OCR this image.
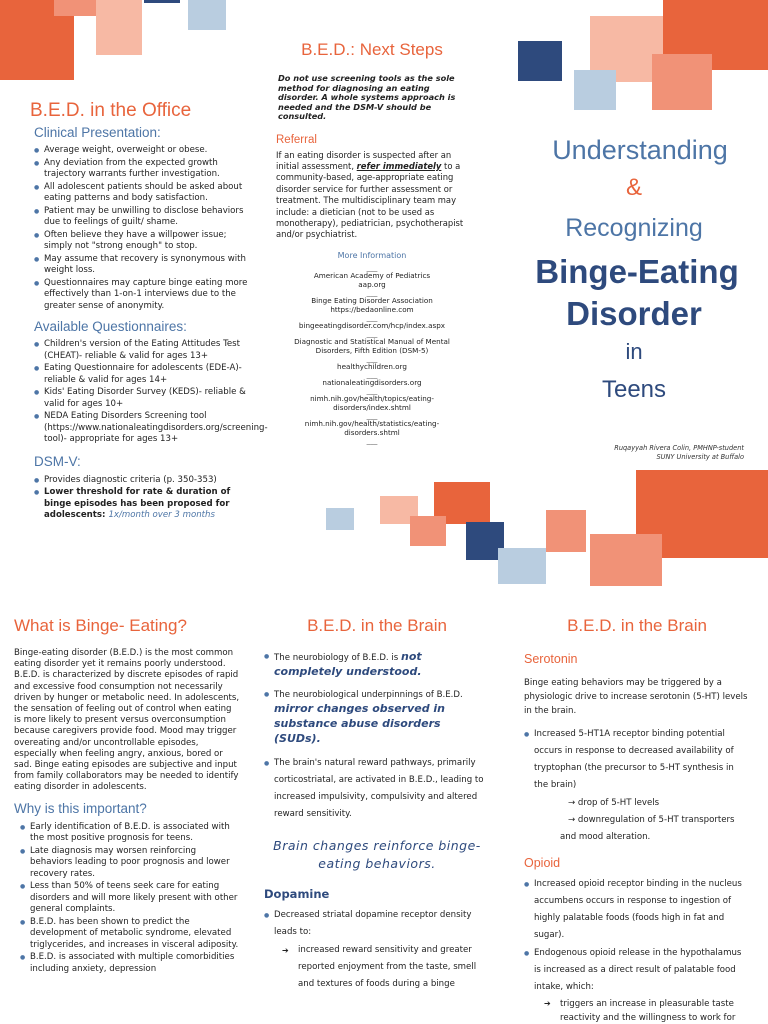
B.E.D. in the Office
Clinical Presentation:
● Average weight, overweight or obese.
● Any deviation from the expected growth trajectory warrants further investigation.
● All adolescent patients should be asked about eating patterns and body satisfaction.
● Patient may be unwilling to disclose behaviors due to feelings of guilt/ shame.
● Often believe they have a willpower issue; simply not "strong enough" to stop.
● May assume that recovery is synonymous with weight loss.
● Questionnaires may capture binge eating more effectively than 1-on-1 interviews due to the greater sense of anonymity.
Available Questionnaires:
● Children's version of the Eating Attitudes Test (CHEAT)- reliable & valid for ages 13+
● Eating Questionnaire for adolescents (EDE-A)- reliable & valid for ages 14+
● Kids' Eating Disorder Survey (KEDS)- reliable & valid for ages 10+
● NEDA Eating Disorders Screening tool (https://www.nationaleatingdisorders.org/screening-tool)- appropriate for ages 13+
DSM-V:
● Provides diagnostic criteria (p. 350-353)
● Lower threshold for rate & duration of binge episodes has been proposed for adolescents: 1x/month over 3 months
B.E.D.: Next Steps

Do not use screening tools as the sole method for diagnosing an eating disorder. A whole systems approach is needed and the DSM-V should be consulted.

Referral

If an eating disorder is suspected after an initial assessment, refer immediately to a community-based, age-appropriate eating disorder service for further assessment or treatment. The multidisciplinary team may include: a dietician (not to be used as monotherapy), pediatrician, psychotherapist and/or psychiatrist.

More Information
___
American Academy of Pediatrics aap.org
___
Binge Eating Disorder Association https://bedaonline.com
___
bingeeatingdisorder.com/hcp/index.aspx
___
Diagnostic and Statistical Manual of Mental Disorders, Fifth Edition (DSM-5)
___
healthychildren.org
___
nationaleatingdisorders.org
___
nimh.nih.gov/health/topics/eating-disorders/index.shtml
___
nimh.nih.gov/health/statistics/eating-disorders.shtml
___
Understanding
&
Recognizing
Binge-Eating
Disorder
in
Teens
Ruqayyah Rivera Colin, PMHNP-student
SUNY University at Buffalo
What is Binge- Eating?

Binge-eating disorder (B.E.D.) is the most common eating disorder yet it remains poorly understood. B.E.D. is characterized by discrete episodes of rapid and excessive food consumption not necessarily driven by hunger or metabolic need. In adolescents, the sensation of feeling out of control when eating is more likely to present versus overconsumption because caregivers provide food. Mood may trigger overeating and/or uncontrollable episodes, especially when feeling angry, anxious, bored or sad. Binge eating episodes are subjective and input from family collaborators may be needed to identify eating disorder in adolescents.

Why is this important?
● Early identification of B.E.D. is associated with the most positive prognosis for teens.
● Late diagnosis may worsen reinforcing behaviors leading to poor prognosis and lower recovery rates.
● Less than 50% of teens seek care for eating disorders and will more likely present with other general complaints.
● B.E.D. has been shown to predict the development of metabolic syndrome, elevated triglycerides, and increases in visceral adiposity.
● B.E.D. is associated with multiple comorbidities including anxiety, depression
B.E.D. in the Brain
● The neurobiology of B.E.D. is not completely understood.
● The neurobiological underpinnings of B.E.D. mirror changes observed in substance abuse disorders (SUDs).
● The brain's natural reward pathways, primarily corticostriatal, are activated in B.E.D., leading to increased impulsivity, compulsivity and altered reward sensitivity.

Brain changes reinforce binge-eating behaviors.

Dopamine
● Decreased striatal dopamine receptor density leads to:
➔ increased reward sensitivity and greater reported enjoyment from the taste, smell and textures of foods during a binge
B.E.D. in the Brain
Serotonin

Binge eating behaviors may be triggered by a physiologic drive to increase serotonin (5-HT) levels in the brain.

● Increased 5-HT1A receptor binding potential occurs in response to decreased availability of tryptophan (the precursor to 5-HT synthesis in the brain)
→ drop of 5-HT levels
→ downregulation of 5-HT transporters and mood alteration.
Opioid
● Increased opioid receptor binding in the nucleus accumbens occurs in response to ingestion of highly palatable foods (foods high in fat and sugar).
● Endogenous opioid release in the hypothalamus is increased as a direct result of palatable food intake, which:
➔ triggers an increase in pleasurable taste reactivity and the willingness to work for
